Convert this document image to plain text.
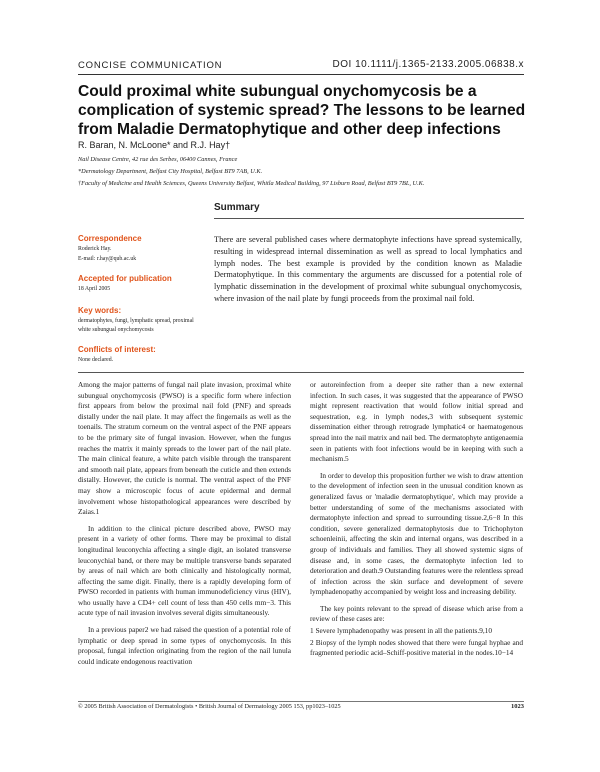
CONCISE COMMUNICATION	DOI 10.1111/j.1365-2133.2005.06838.x
Could proximal white subungual onychomycosis be a complication of systemic spread? The lessons to be learned from Maladie Dermatophytique and other deep infections
R. Baran, N. McLoone* and R.J. Hay†
Nail Disease Centre, 42 rue des Serbes, 06400 Cannes, France
*Dermatology Department, Belfast City Hospital, Belfast BT9 7AB, U.K.
†Faculty of Medicine and Health Sciences, Queens University Belfast, Whitla Medical Building, 97 Lisburn Road, Belfast BT9 7BL, U.K.
Summary
Correspondence
Roderick Hay.
E-mail: r.hay@qub.ac.uk
Accepted for publication
18 April 2005
Key words:
dermatophytes, fungi, lymphatic spread, proximal white subungual onychomycosis
Conflicts of interest:
None declared.
There are several published cases where dermatophyte infections have spread systemically, resulting in widespread internal dissemination as well as spread to local lymphatics and lymph nodes. The best example is provided by the condition known as Maladie Dermatophytique. In this commentary the arguments are discussed for a potential role of lymphatic dissemination in the development of proximal white subungual onychomycosis, where invasion of the nail plate by fungi proceeds from the proximal nail fold.

Among the major patterns of fungal nail plate invasion, proximal white subungual onychomycosis (PWSO) is a specific form where infection first appears from below the proximal nail fold (PNF) and spreads distally under the nail plate. It may affect the fingernails as well as the toenails. The stratum corneum on the ventral aspect of the PNF appears to be the primary site of fungal invasion. However, when the fungus reaches the matrix it mainly spreads to the lower part of the nail plate. The main clinical feature, a white patch visible through the transparent and smooth nail plate, appears from beneath the cuticle and then extends distally. However, the cuticle is normal. The ventral aspect of the PNF may show a microscopic focus of acute epidermal and dermal involvement whose histopathological appearances were described by Zaias.1

In addition to the clinical picture described above, PWSO may present in a variety of other forms. There may be proximal to distal longitudinal leuconychia affecting a single digit, an isolated transverse leuconychial band, or there may be multiple transverse bands separated by areas of nail which are both clinically and histologically normal, affecting the same digit. Finally, there is a rapidly developing form of PWSO recorded in patients with human immunodeficiency virus (HIV), who usually have a CD4+ cell count of less than 450 cells mm−3. This acute type of nail invasion involves several digits simultaneously.

In a previous paper2 we had raised the question of a potential role of lymphatic or deep spread in some types of onychomycosis. In this proposal, fungal infection originating from the region of the nail lunula could indicate endogenous reactivation

or autoreinfection from a deeper site rather than a new external infection. In such cases, it was suggested that the appearance of PWSO might represent reactivation that would follow initial spread and sequestration, e.g. in lymph nodes,3 with subsequent systemic dissemination either through retrograde lymphatic4 or haematogenous spread into the nail matrix and nail bed. The dermatophyte antigenaemia seen in patients with foot infections would be in keeping with such a mechanism.5

In order to develop this proposition further we wish to draw attention to the development of infection seen in the unusual condition known as generalized favus or 'maladie dermatophytique', which may provide a better understanding of some of the mechanisms associated with dermatophyte infection and spread to surrounding tissue.2,6−8 In this condition, severe generalized dermatophytosis due to Trichophyton schoenleinii, affecting the skin and internal organs, was described in a group of individuals and families. They all showed systemic signs of disease and, in some cases, the dermatophyte infection led to deterioration and death.9 Outstanding features were the relentless spread of infection across the skin surface and development of severe lymphadenopathy accompanied by weight loss and increasing debility.

The key points relevant to the spread of disease which arise from a review of these cases are:

1 Severe lymphadenopathy was present in all the patients.9,10

2 Biopsy of the lymph nodes showed that there were fungal hyphae and fragmented periodic acid–Schiff-positive material in the nodes.10−14

© 2005 British Association of Dermatologists • British Journal of Dermatology 2005 153, pp1023–1025	1023
